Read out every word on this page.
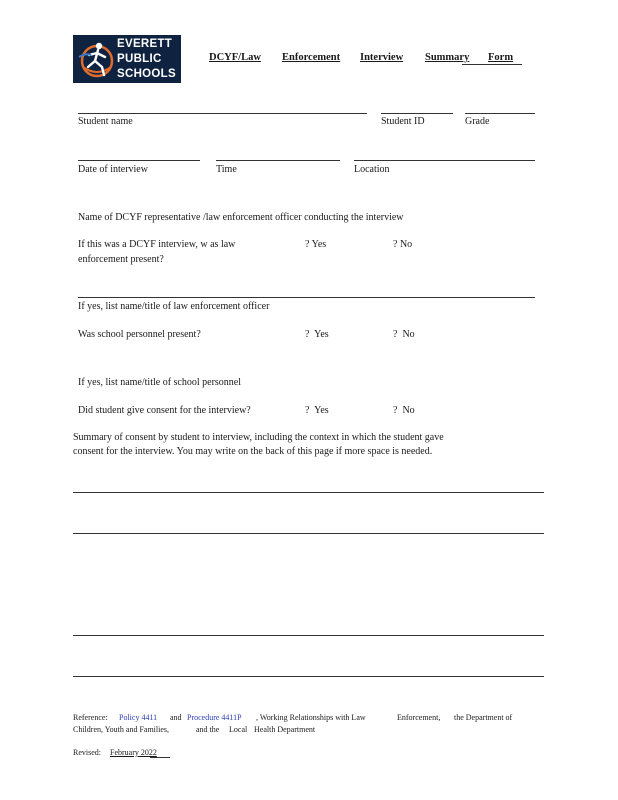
EVERETT
PUBLIC
SCHOOLS
DCYF/Law Enforcement Interview Summary Form
Student name	Student ID	Grade
Date of interview	Time	Location
Name of DCYF representative /law enforcement officer conducting the interview
If this was a DCYF interview, w as law
enforcement present?
? Yes	? No
If yes, list name/title of law enforcement officer
Was school personnel present?	? Yes	? No
If yes, list name/title of school personnel
Did student give consent for the interview?	? Yes	? No
Summary of consent by student to interview, including the context in which the student gave
consent for the interview. You may write on the back of this page if more space is needed.
Reference: Policy 4411 and Procedure 4411P , Working Relationships with Law	Enforcement, the Department of
Children, Youth and Families,	and the Local Health Department
Revised: February 2022
